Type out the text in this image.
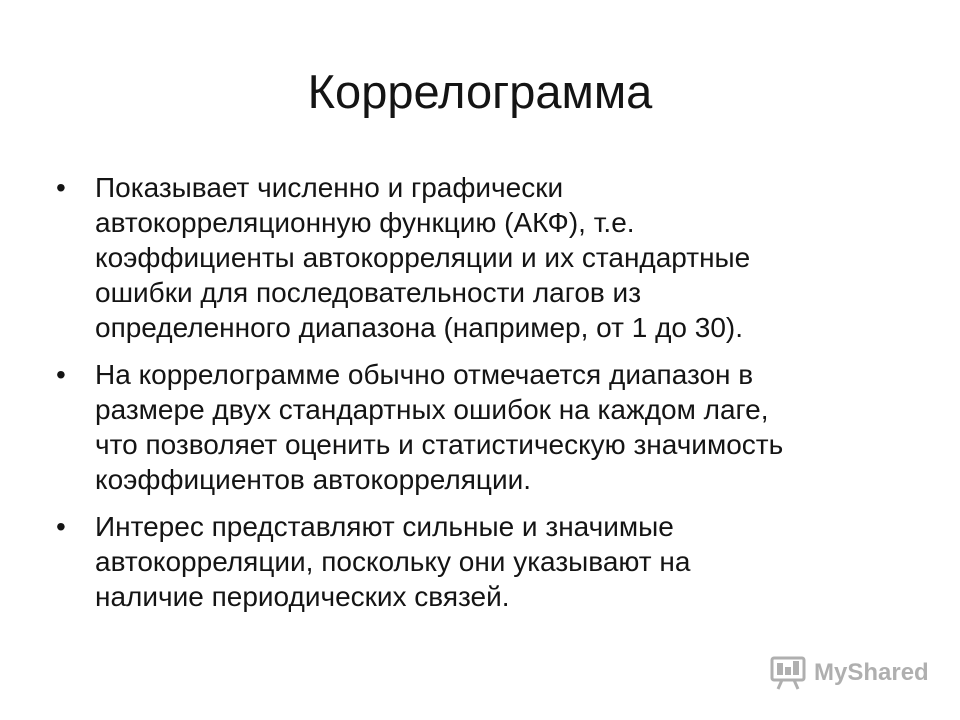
Коррелограмма
•	Показывает численно и графически
автокорреляционную функцию (АКФ), т.е.
коэффициенты автокорреляции и их стандартные
ошибки для последовательности лагов из
определенного диапазона (например, от 1 до 30).
•	На коррелограмме обычно отмечается диапазон в
размере двух стандартных ошибок на каждом лаге,
что позволяет оценить и статистическую значимость
коэффициентов автокорреляции.
•	Интерес представляют сильные и значимые
автокорреляции, поскольку они указывают на
наличие периодических связей.
MyShared
